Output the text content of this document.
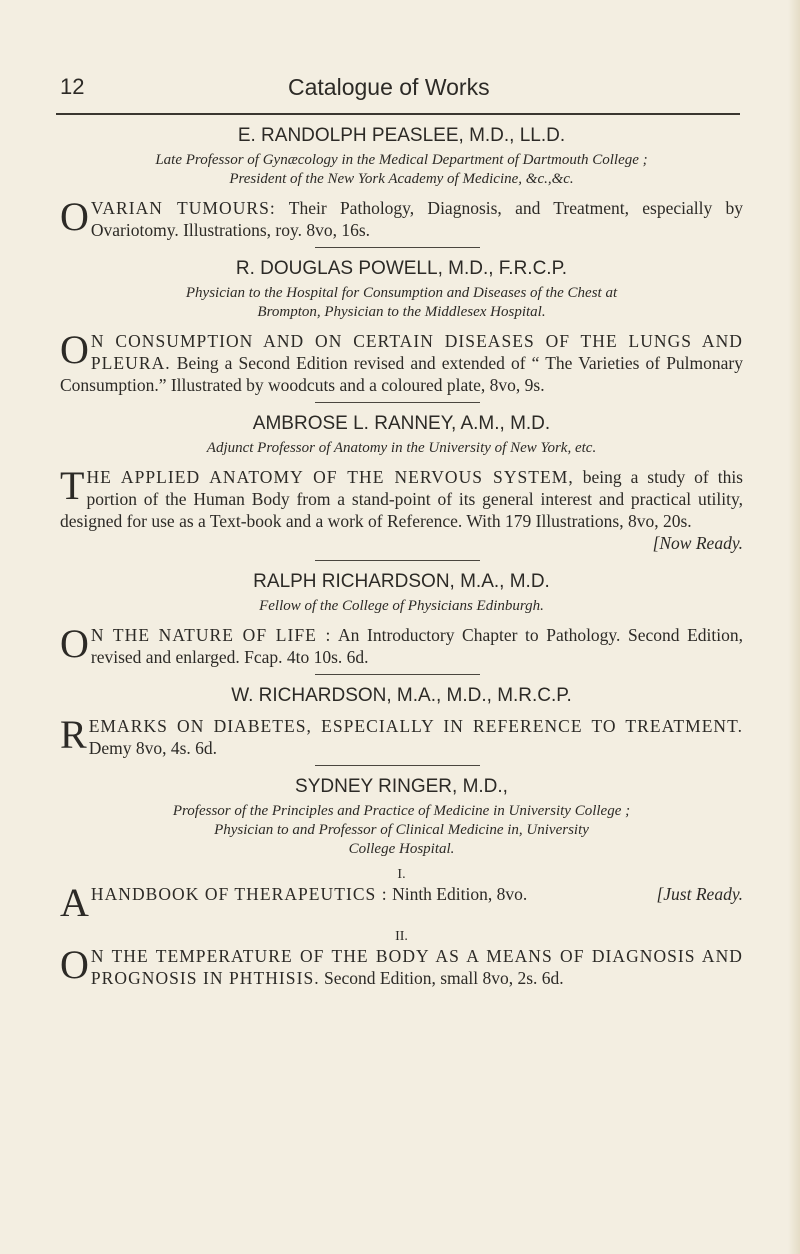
12	Catalogue of Works
E. RANDOLPH PEASLEE, M.D., LL.D.
Late Professor of Gynæcology in the Medical Department of Dartmouth College ;
President of the New York Academy of Medicine, &c.,&c.
OVARIAN TUMOURS: Their Pathology, Diagnosis, and Treatment, especially by Ovariotomy. Illustrations, roy. 8vo, 16s.
R. DOUGLAS POWELL, M.D., F.R.C.P.
Physician to the Hospital for Consumption and Diseases of the Chest at
Brompton, Physician to the Middlesex Hospital.
O N CONSUMPTION AND ON CERTAIN DISEASES OF THE LUNGS AND PLEURA. Being a Second Edition revised and extended of “ The Varieties of Pulmonary Consumption.” Illustrated by woodcuts and a coloured plate, 8vo, 9s.
AMBROSE L. RANNEY, A.M., M.D.
Adjunct Professor of Anatomy in the University of New York, etc.
THE APPLIED ANATOMY OF THE NERVOUS SYSTEM, being a study of this portion of the Human Body from a stand-point of its general interest and practical utility, designed for use as a Text-book and a work of Reference. With 179 Illustrations, 8vo, 20s.
[Now Ready.
RALPH RICHARDSON, M.A., M.D.
Fellow of the College of Physicians Edinburgh.
O N THE NATURE OF LIFE : An Introductory Chapter to Pathology. Second Edition, revised and enlarged. Fcap. 4to 10s. 6d.
W. RICHARDSON, M.A., M.D., M.R.C.P.
REMARKS ON DIABETES, ESPECIALLY IN REFERENCE TO TREATMENT. Demy 8vo, 4s. 6d.
SYDNEY RINGER, M.D.,
Professor of the Principles and Practice of Medicine in University College ;
Physician to and Professor of Clinical Medicine in, University
College Hospital.
I.
AHANDBOOK OF THERAPEUTICS : Ninth Edition, 8vo.	[Just Ready.
II.
O N THE TEMPERATURE OF THE BODY AS A MEANS OF DIAGNOSIS AND PROGNOSIS IN PHTHISIS. Second Edition, small 8vo, 2s. 6d.
